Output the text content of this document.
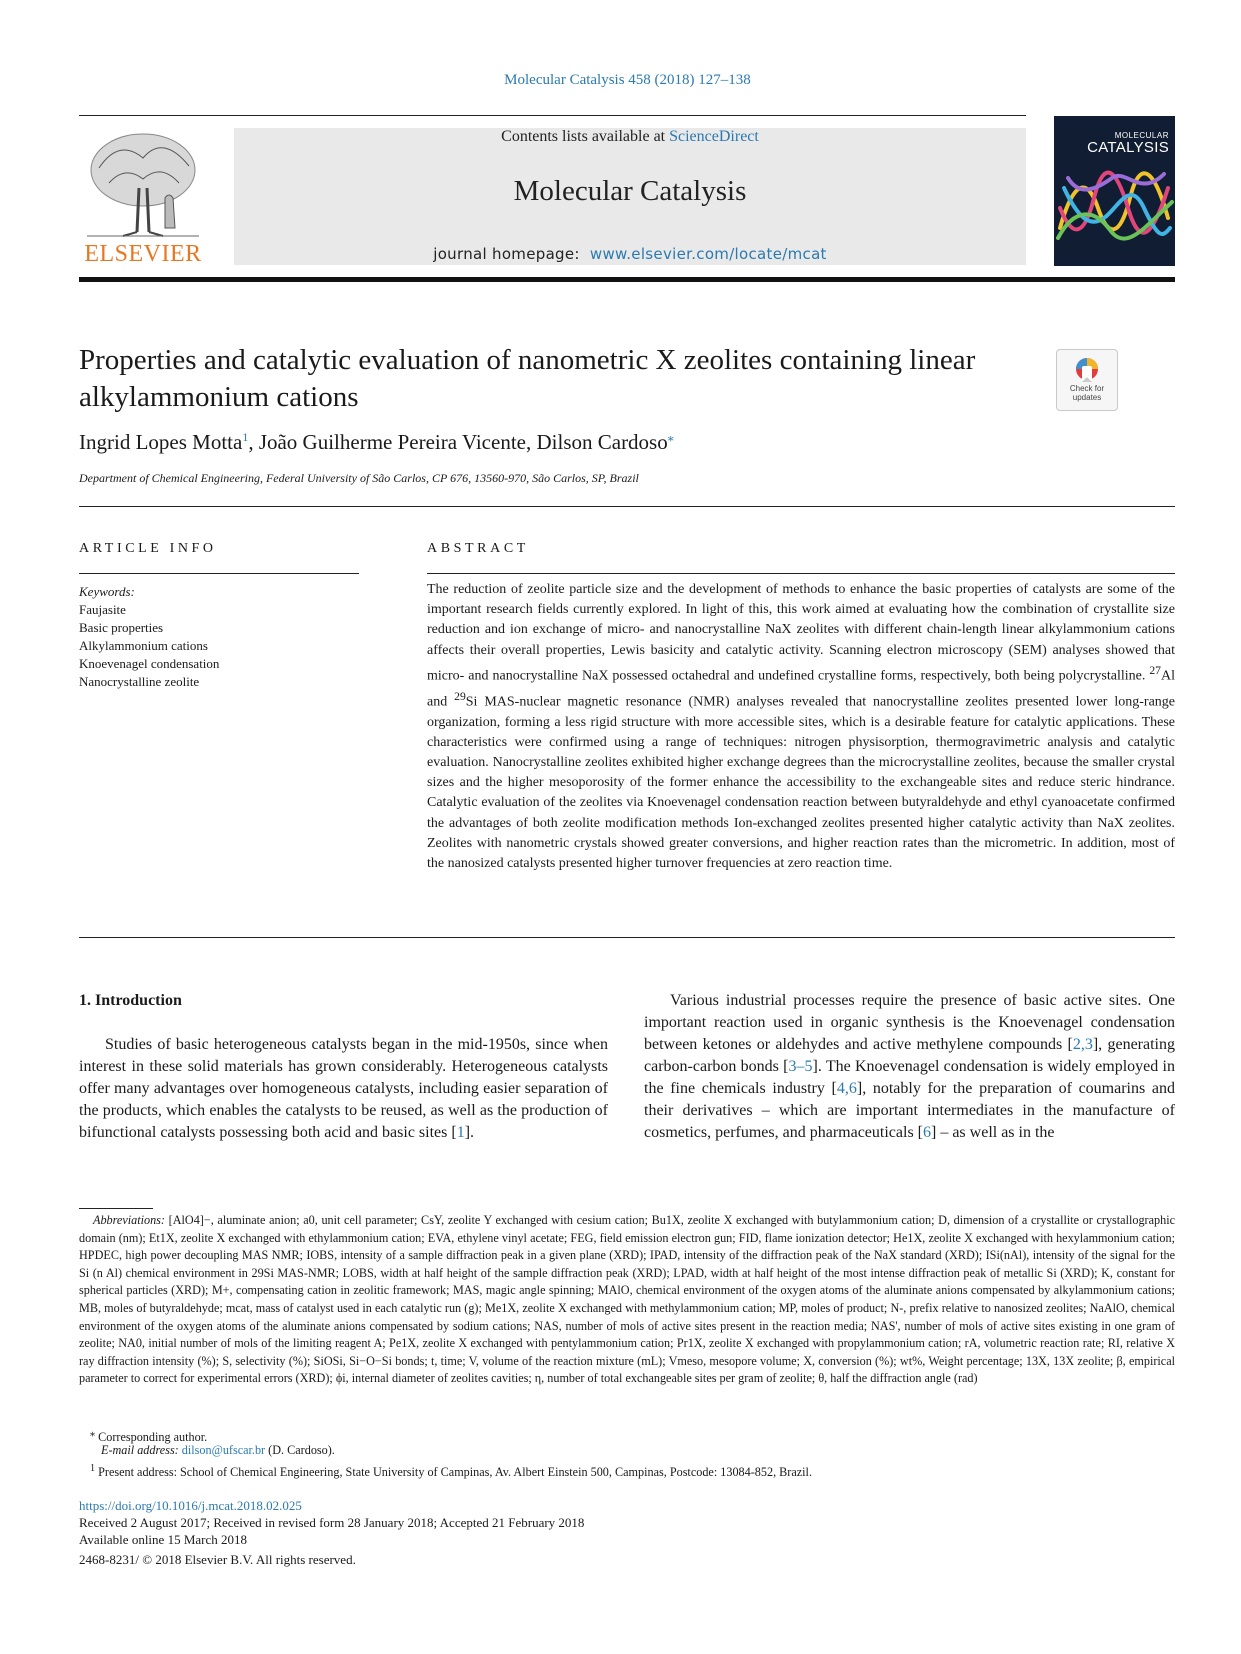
Molecular Catalysis 458 (2018) 127–138
ELSEVIER
Contents lists available at ScienceDirect
Molecular Catalysis
journal homepage: www.elsevier.com/locate/mcat
MOLECULAR
CATALYSIS
Properties and catalytic evaluation of nanometric X zeolites containing linear alkylammonium cations	Check for
updates
Ingrid Lopes Motta$^1$, João Guilherme Pereira Vicente, Dilson Cardoso⁎
Department of Chemical Engineering, Federal University of São Carlos, CP 676, 13560-970, São Carlos, SP, Brazil
ARTICLE INFO
Keywords:
Faujasite
Basic properties
Alkylammonium cations
Knoevenagel condensation
Nanocrystalline zeolite
ABSTRACT
The reduction of zeolite particle size and the development of methods to enhance the basic properties of catalysts are some of the important research fields currently explored. In light of this, this work aimed at evaluating how the combination of crystallite size reduction and ion exchange of micro- and nanocrystalline NaX zeolites with different chain-length linear alkylammonium cations affects their overall properties, Lewis basicity and catalytic activity. Scanning electron microscopy (SEM) analyses showed that micro- and nanocrystalline NaX possessed octahedral and undefined crystalline forms, respectively, both being polycrystalline. $^{27}$Al and $^{29}$Si MAS-nuclear magnetic resonance (NMR) analyses revealed that nanocrystalline zeolites presented lower long-range organization, forming a less rigid structure with more accessible sites, which is a desirable feature for catalytic applications. These characteristics were confirmed using a range of techniques: nitrogen physisorption, thermogravimetric analysis and catalytic evaluation. Nanocrystalline zeolites exhibited higher exchange degrees than the microcrystalline zeolites, because the smaller crystal sizes and the higher mesoporosity of the former enhance the accessibility to the exchangeable sites and reduce steric hindrance. Catalytic evaluation of the zeolites via Knoevenagel condensation reaction between butyraldehyde and ethyl cyanoacetate confirmed the advantages of both zeolite modification methods Ion-exchanged zeolites presented higher catalytic activity than NaX zeolites. Zeolites with nanometric crystals showed greater conversions, and higher reaction rates than the micrometric. In addition, most of the nanosized catalysts presented higher turnover frequencies at zero reaction time.
1. Introduction
Studies of basic heterogeneous catalysts began in the mid-1950s, since when interest in these solid materials has grown considerably. Heterogeneous catalysts offer many advantages over homogeneous catalysts, including easier separation of the products, which enables the catalysts to be reused, as well as the production of bifunctional catalysts possessing both acid and basic sites [1].
Various industrial processes require the presence of basic active sites. One important reaction used in organic synthesis is the Knoevenagel condensation between ketones or aldehydes and active methylene compounds [2,3], generating carbon-carbon bonds [3–5]. The Knoevenagel condensation is widely employed in the fine chemicals industry [4,6], notably for the preparation of coumarins and their derivatives – which are important intermediates in the manufacture of cosmetics, perfumes, and pharmaceuticals [6] – as well as in the
Abbreviations: [AlO4]−, aluminate anion; a0, unit cell parameter; CsY, zeolite Y exchanged with cesium cation; Bu1X, zeolite X exchanged with butylammonium cation; D, dimension of a crystallite or crystallographic domain (nm); Et1X, zeolite X exchanged with ethylammonium cation; EVA, ethylene vinyl acetate; FEG, field emission electron gun; FID, flame ionization detector; He1X, zeolite X exchanged with hexylammonium cation; HPDEC, high power decoupling MAS NMR; IOBS, intensity of a sample diffraction peak in a given plane (XRD); IPAD, intensity of the diffraction peak of the NaX standard (XRD); ISi(nAl), intensity of the signal for the Si (n Al) chemical environment in 29Si MAS-NMR; LOBS, width at half height of the sample diffraction peak (XRD); LPAD, width at half height of the most intense diffraction peak of metallic Si (XRD); K, constant for spherical particles (XRD); M+, compensating cation in zeolitic framework; MAS, magic angle spinning; MAlO, chemical environment of the oxygen atoms of the aluminate anions compensated by alkylammonium cations; MB, moles of butyraldehyde; mcat, mass of catalyst used in each catalytic run (g); Me1X, zeolite X exchanged with methylammonium cation; MP, moles of product; N-, prefix relative to nanosized zeolites; NaAlO, chemical environment of the oxygen atoms of the aluminate anions compensated by sodium cations; NAS, number of mols of active sites present in the reaction media; NAS', number of mols of active sites existing in one gram of zeolite; NA0, initial number of mols of the limiting reagent A; Pe1X, zeolite X exchanged with pentylammonium cation; Pr1X, zeolite X exchanged with propylammonium cation; rA, volumetric reaction rate; RI, relative X ray diffraction intensity (%); S, selectivity (%); SiOSi, Si−O−Si bonds; t, time; V, volume of the reaction mixture (mL); Vmeso, mesopore volume; X, conversion (%); wt%, Weight percentage; 13X, 13X zeolite; β, empirical parameter to correct for experimental errors (XRD); ϕi, internal diameter of zeolites cavities; η, number of total exchangeable sites per gram of zeolite; θ, half the diffraction angle (rad)
⁎ Corresponding author.
E-mail address: dilson@ufscar.br (D. Cardoso).
$^1$ Present address: School of Chemical Engineering, State University of Campinas, Av. Albert Einstein 500, Campinas, Postcode: 13084-852, Brazil.
https://doi.org/10.1016/j.mcat.2018.02.025
Received 2 August 2017; Received in revised form 28 January 2018; Accepted 21 February 2018
Available online 15 March 2018
2468-8231/ © 2018 Elsevier B.V. All rights reserved.
